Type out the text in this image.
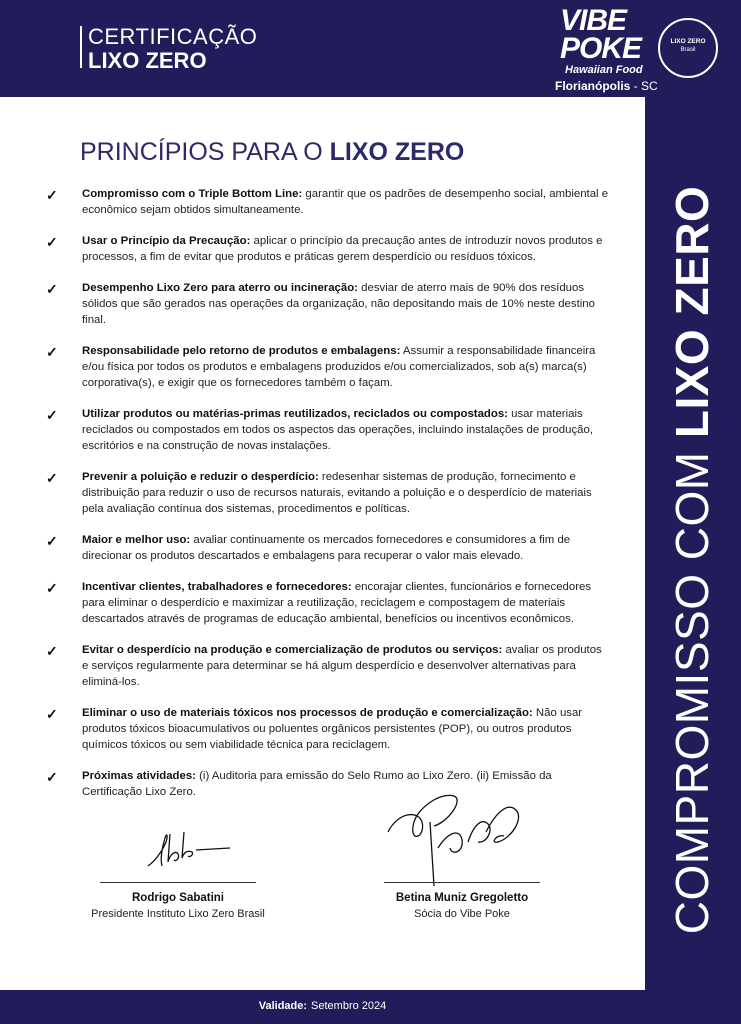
CERTIFICAÇÃO
LIXO ZERO
VIBE
POKE
Hawaiian Food
Florianópolis - SC
LIXO ZERO
Brasil
COMPROMISSO COM LIXO ZERO
PRINCÍPIOS PARA O LIXO ZERO
✓ Compromisso com o Triple Bottom Line: garantir que os padrões de desempenho social, ambiental e econômico sejam obtidos simultaneamente.
✓ Usar o Princípio da Precaução: aplicar o princípio da precaução antes de introduzir novos produtos e processos, a fim de evitar que produtos e práticas gerem desperdício ou resíduos tóxicos.
✓ Desempenho Lixo Zero para aterro ou incineração: desviar de aterro mais de 90% dos resíduos sólidos que são gerados nas operações da organização, não depositando mais de 10% neste destino final.
✓ Responsabilidade pelo retorno de produtos e embalagens: Assumir a responsabilidade financeira e/ou física por todos os produtos e embalagens produzidos e/ou comercializados, sob a(s) marca(s) corporativa(s), e exigir que os fornecedores também o façam.
✓ Utilizar produtos ou matérias-primas reutilizados, reciclados ou compostados: usar materiais reciclados ou compostados em todos os aspectos das operações, incluindo instalações de produção, escritórios e na construção de novas instalações.
✓ Prevenir a poluição e reduzir o desperdício: redesenhar sistemas de produção, fornecimento e distribuição para reduzir o uso de recursos naturais, evitando a poluição e o desperdício de materiais pela avaliação contínua dos sistemas, procedimentos e políticas.
✓ Maior e melhor uso: avaliar continuamente os mercados fornecedores e consumidores a fim de direcionar os produtos descartados e embalagens para recuperar o valor mais elevado.
✓ Incentivar clientes, trabalhadores e fornecedores: encorajar clientes, funcionários e fornecedores para eliminar o desperdício e maximizar a reutilização, reciclagem e compostagem de materiais descartados através de programas de educação ambiental, benefícios ou incentivos econômicos.
✓ Evitar o desperdício na produção e comercialização de produtos ou serviços: avaliar os produtos e serviços regularmente para determinar se há algum desperdício e desenvolver alternativas para eliminá-los.
✓ Eliminar o uso de materiais tóxicos nos processos de produção e comercialização: Não usar produtos tóxicos bioacumulativos ou poluentes orgânicos persistentes (POP), ou outros produtos químicos tóxicos ou sem viabilidade técnica para reciclagem.
✓ Próximas atividades: (i) Auditoria para emissão do Selo Rumo ao Lixo Zero. (ii) Emissão da Certificação Lixo Zero.
Rodrigo Sabatini
Presidente Instituto Lixo Zero Brasil
Betina Muniz Gregoletto
Sócia do Vibe Poke
Validade: Setembro 2024
